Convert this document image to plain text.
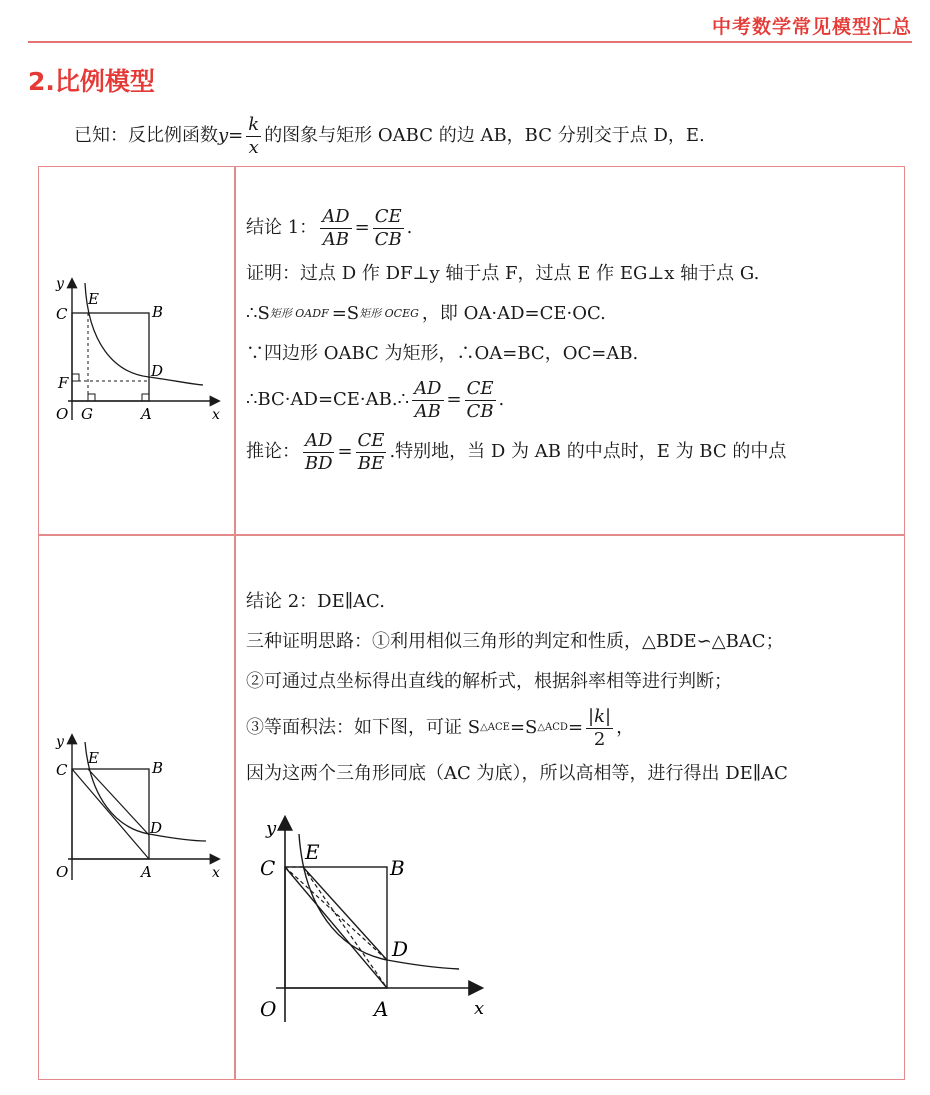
中考数学常见模型汇总
2.比例模型
已知：反比例函数 $y= \frac{k}{x}$ 的图象与矩形 OABC 的边 AB，BC 分别交于点 D，E.
y
x
O
C
E
B
D
F
G	A
结论 1： $\frac{AD}{AB} = \frac{CE}{CB}$ .
证明：过点 D 作 DF⊥y 轴于点 F，过点 E 作 EG⊥x 轴于点 G.
∴S 矩形 OADF =S 矩形 OCEG ，即 OA·AD=CE·OC.
∵四边形 OABC 为矩形，∴OA=BC，OC=AB.
∴BC·AD=CE·AB.∴ $\frac{AD}{AB} = \frac{CE}{CB}$ .
推论： $\frac{AD}{BD} = \frac{CE}{BE}$ .特别地，当 D 为 AB 的中点时，E 为 BC 的中点
y
x
O
C
E
B
D
A
结论 2：DE∥AC.
三种证明思路：①利用相似三角形的判定和性质，△BDE∽△BAC；
②可通过点坐标得出直线的解析式，根据斜率相等进行判断；
③等面积法：如下图，可证 S △ACE =S △ACD = $\frac{|k|}{2}$ ，
因为这两个三角形同底（AC 为底），所以高相等，进行得出 DE∥AC
y
x
O
C
E
B
D
A
